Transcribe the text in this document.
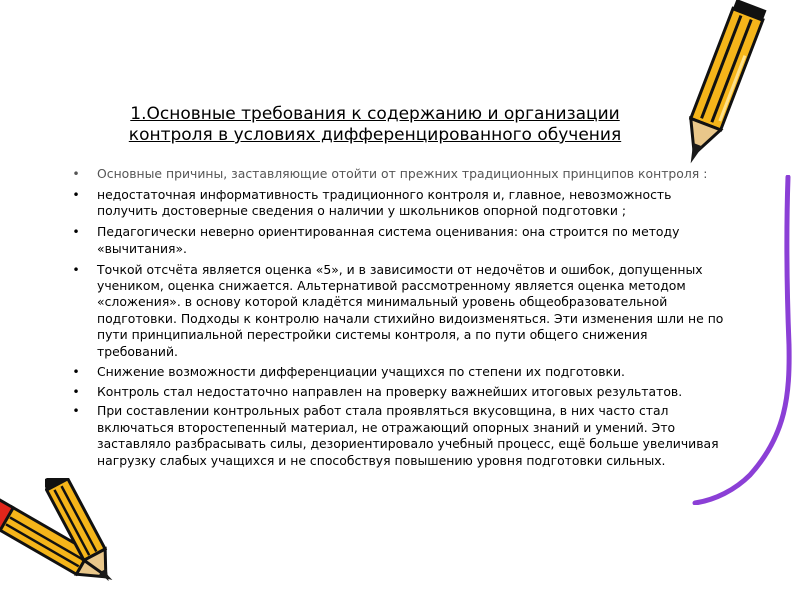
1.Основные требования к содержанию и организации
контроля в условиях дифференцированного обучения
• Основные причины, заставляющие отойти от прежних традиционных принципов контроля :
• недостаточная информативность традиционного контроля и, главное, невозможность получить достоверные сведения о наличии у школьников опорной подготовки ;
• Педагогически неверно ориентированная система оценивания: она строится по методу «вычитания».
• Точкой отсчёта является оценка «5», и в зависимости от недочётов и ошибок, допущенных учеником, оценка снижается. Альтернативой рассмотренному является оценка методом «сложения». в основу которой кладётся минимальный уровень общеобразовательной подготовки. Подходы к контролю начали стихийно видоизменяться. Эти изменения шли не по пути принципиальной перестройки системы контроля, а по пути общего снижения требований.
• Снижение возможности дифференциации учащихся по степени их подготовки.
• Контроль стал недостаточно направлен на проверку важнейших итоговых результатов.
• При составлении контрольных работ стала проявляться вкусовщина, в них часто стал включаться второстепенный материал, не отражающий опорных знаний и умений. Это заставляло разбрасывать силы, дезориентировало учебный процесс, ещё больше увеличивая нагрузку слабых учащихся и не способствуя повышению уровня подготовки сильных.
